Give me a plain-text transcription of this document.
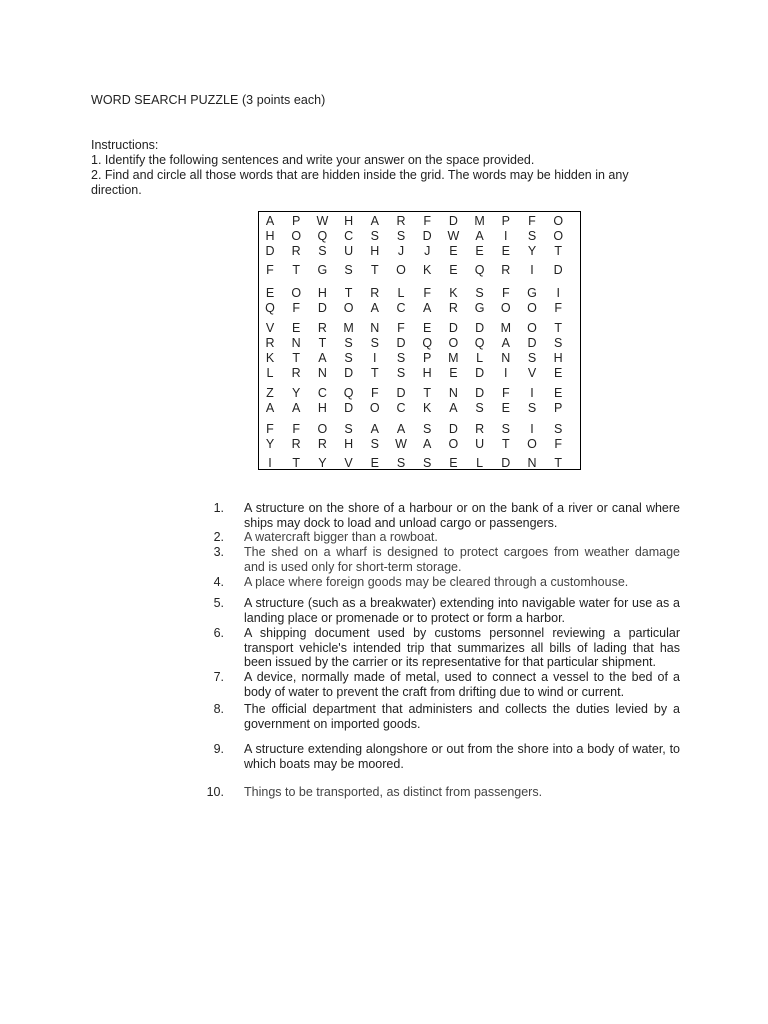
WORD SEARCH PUZZLE (3 points each)
Instructions:
1. Identify the following sentences and write your answer on the space provided.
2. Find and circle all those words that are hidden inside the grid. The words may be hidden in any direction.
A	P	W	H	A	R	F	D	M	P	F	O
H	O	Q	C	S	S	D	W	A	I	S	O
D	R	S	U	H	J	J	E	E	E	Y	T
F	T	G	S	T	O	K	E	Q	R	I	D
E	O	H	T	R	L	F	K	S	F	G	I
Q	F	D	O	A	C	A	R	G	O	O	F
V	E	R	M	N	F	E	D	D	M	O	T
R	N	T	S	S	D	Q	O	Q	A	D	S
K	T	A	S	I	S	P	M	L	N	S	H
L	R	N	D	T	S	H	E	D	I	V	E
Z	Y	C	Q	F	D	T	N	D	F	I	E
A	A	H	D	O	C	K	A	S	E	S	P
F	F	O	S	A	A	S	D	R	S	I	S
Y	R	R	H	S	W	A	O	U	T	O	F
I	T	Y	V	E	S	S	E	L	D	N	T
1. A structure on the shore of a harbour or on the bank of a river or canal where
ships may dock to load and unload cargo or passengers.
2. A watercraft bigger than a rowboat.
3. The shed on a wharf is designed to protect cargoes from weather damage
and is used only for short-term storage.
4. A place where foreign goods may be cleared through a customhouse.
5. A structure (such as a breakwater) extending into navigable water for use as a
landing place or promenade or to protect or form a harbor.
6. A shipping document used by customs personnel reviewing a particular
transport vehicle's intended trip that summarizes all bills of lading that has
been issued by the carrier or its representative for that particular shipment.
7. A device, normally made of metal, used to connect a vessel to the bed of a
body of water to prevent the craft from drifting due to wind or current.
8. The official department that administers and collects the duties levied by a
government on imported goods.
9. A structure extending alongshore or out from the shore into a body of water, to
which boats may be moored.
10. Things to be transported, as distinct from passengers.
